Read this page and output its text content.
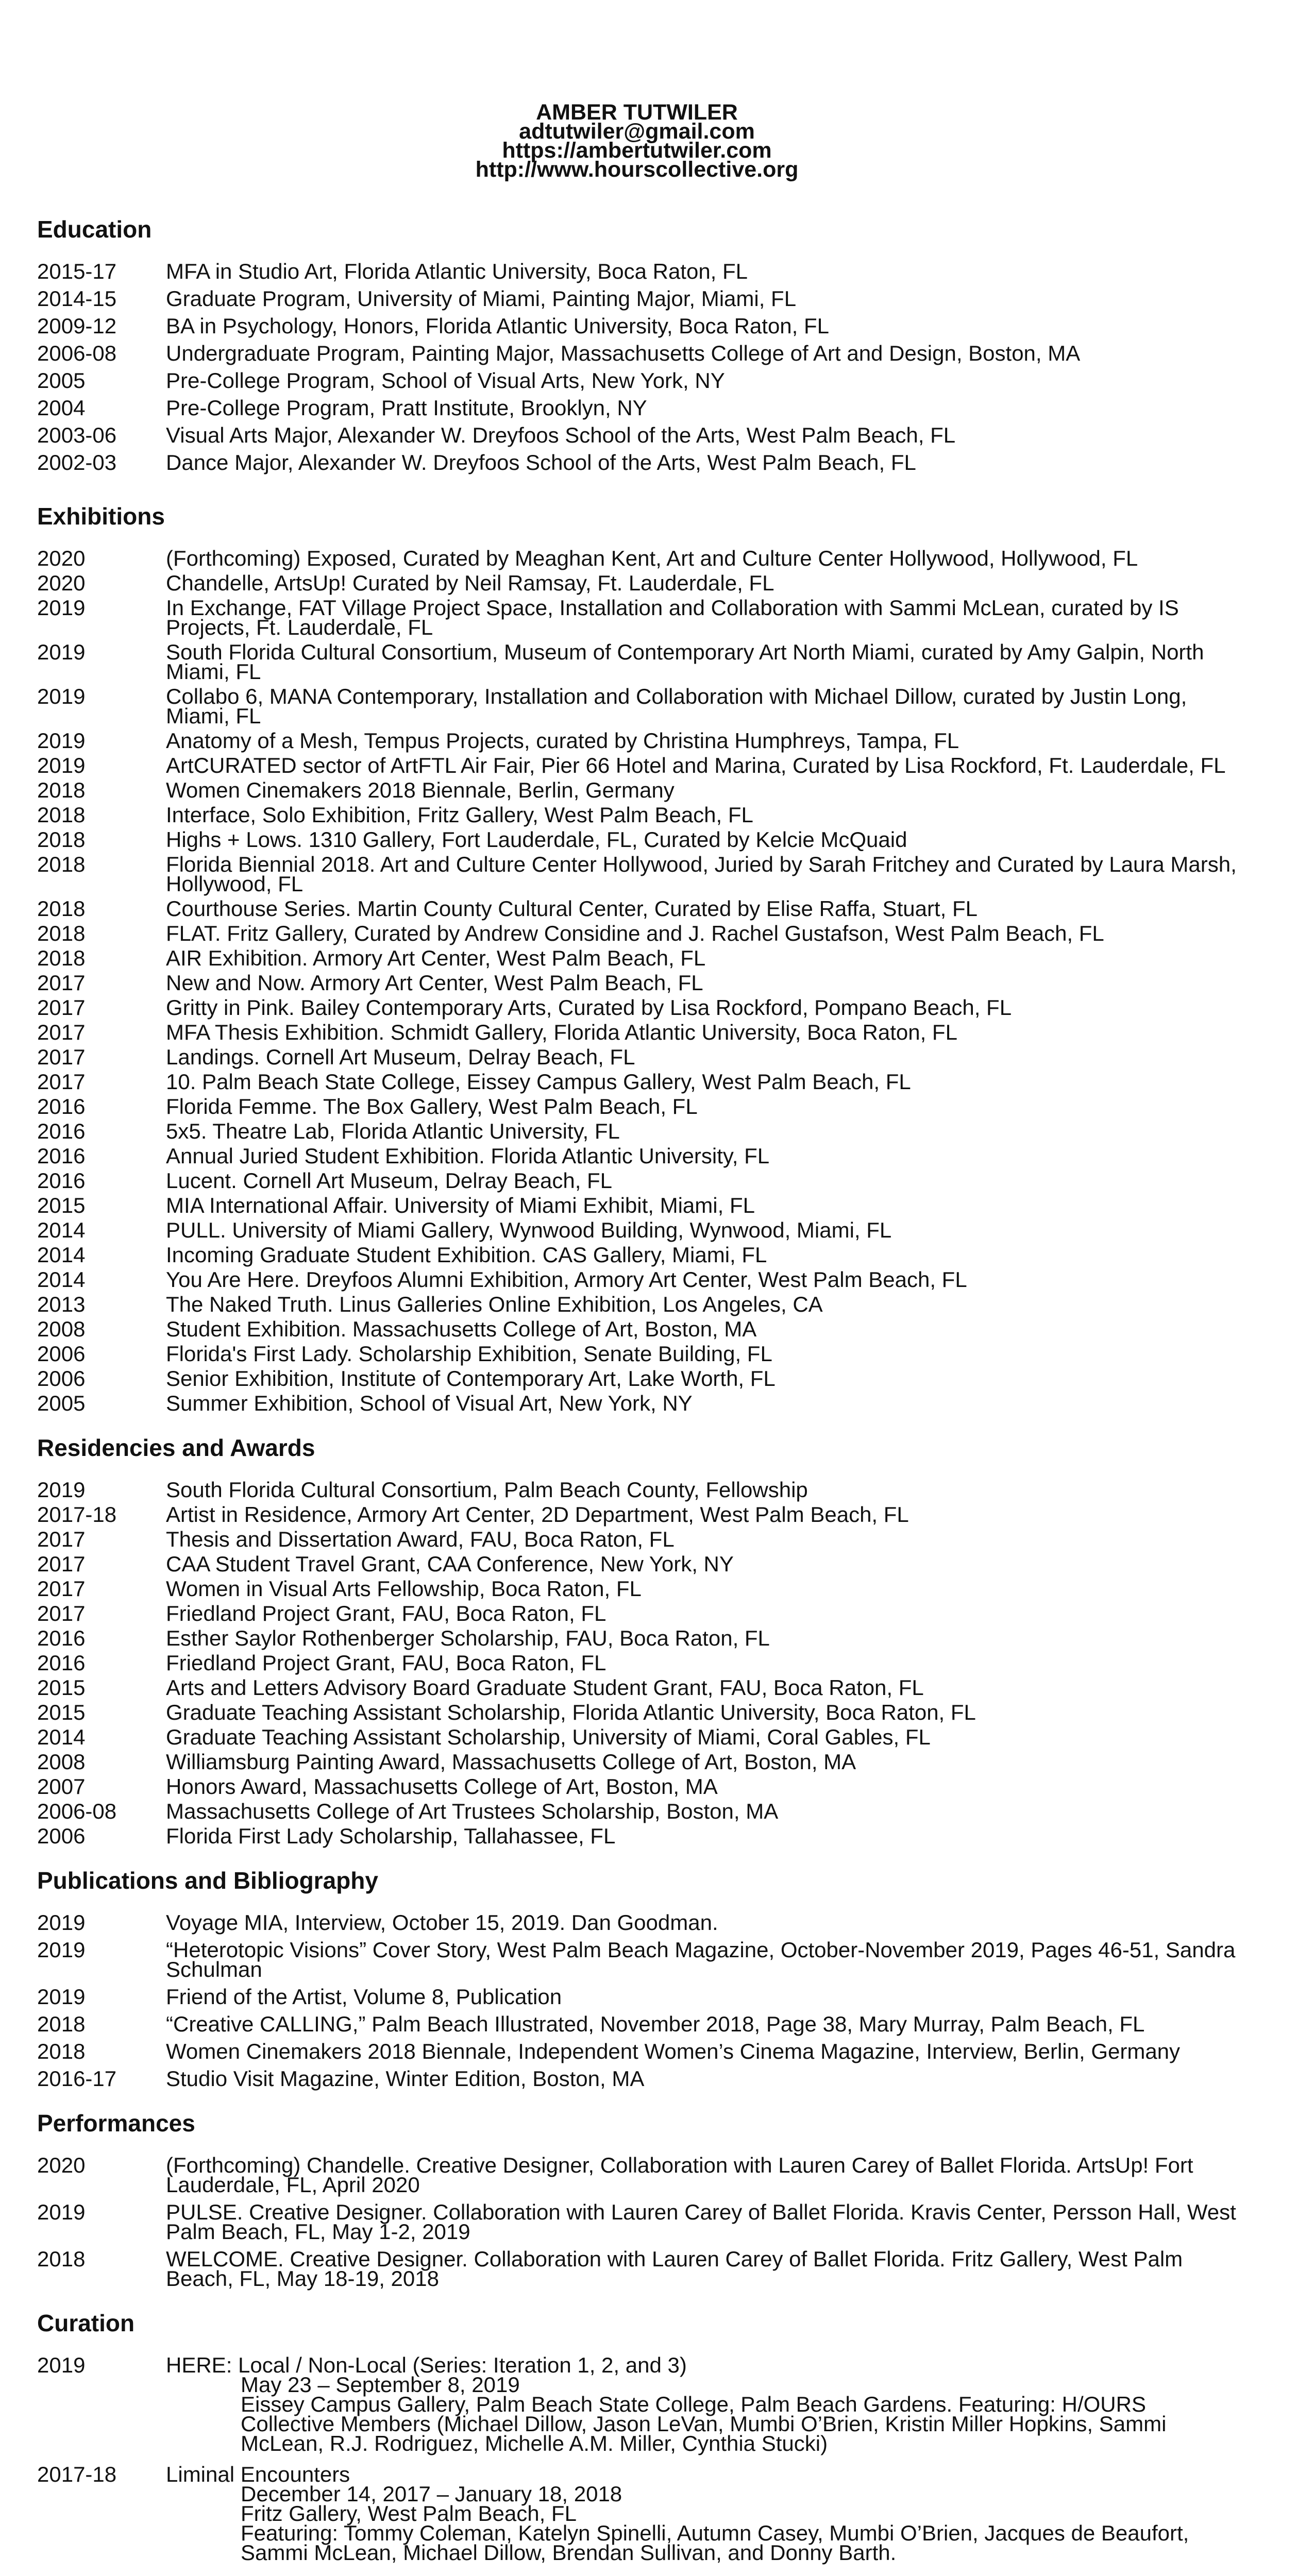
AMBER TUTWILER
adtutwiler@gmail.com
https://ambertutwiler.com
http://www.hourscollective.org
Education
2015-17	MFA in Studio Art, Florida Atlantic University, Boca Raton, FL
2014-15	Graduate Program, University of Miami, Painting Major, Miami, FL
2009-12	BA in Psychology, Honors, Florida Atlantic University, Boca Raton, FL
2006-08	Undergraduate Program, Painting Major, Massachusetts College of Art and Design, Boston, MA
2005	Pre-College Program, School of Visual Arts, New York, NY
2004	Pre-College Program, Pratt Institute, Brooklyn, NY
2003-06	Visual Arts Major, Alexander W. Dreyfoos School of the Arts, West Palm Beach, FL
2002-03	Dance Major, Alexander W. Dreyfoos School of the Arts, West Palm Beach, FL
Exhibitions
2020	(Forthcoming) Exposed, Curated by Meaghan Kent, Art and Culture Center Hollywood, Hollywood, FL
2020	Chandelle, ArtsUp! Curated by Neil Ramsay, Ft. Lauderdale, FL
2019	In Exchange, FAT Village Project Space, Installation and Collaboration with Sammi McLean, curated by IS Projects, Ft. Lauderdale, FL
2019	South Florida Cultural Consortium, Museum of Contemporary Art North Miami, curated by Amy Galpin, North Miami, FL
2019	Collabo 6, MANA Contemporary, Installation and Collaboration with Michael Dillow, curated by Justin Long, Miami, FL
2019	Anatomy of a Mesh, Tempus Projects, curated by Christina Humphreys, Tampa, FL
2019	ArtCURATED sector of ArtFTL Air Fair, Pier 66 Hotel and Marina, Curated by Lisa Rockford, Ft. Lauderdale, FL
2018	Women Cinemakers 2018 Biennale, Berlin, Germany
2018	Interface, Solo Exhibition, Fritz Gallery, West Palm Beach, FL
2018	Highs + Lows. 1310 Gallery, Fort Lauderdale, FL, Curated by Kelcie McQuaid
2018	Florida Biennial 2018. Art and Culture Center Hollywood, Juried by Sarah Fritchey and Curated by Laura Marsh, Hollywood, FL
2018	Courthouse Series. Martin County Cultural Center, Curated by Elise Raffa, Stuart, FL
2018	FLAT. Fritz Gallery, Curated by Andrew Considine and J. Rachel Gustafson, West Palm Beach, FL
2018	AIR Exhibition. Armory Art Center, West Palm Beach, FL
2017	New and Now. Armory Art Center, West Palm Beach, FL
2017	Gritty in Pink. Bailey Contemporary Arts, Curated by Lisa Rockford, Pompano Beach, FL
2017	MFA Thesis Exhibition. Schmidt Gallery, Florida Atlantic University, Boca Raton, FL
2017	Landings. Cornell Art Museum, Delray Beach, FL
2017	10. Palm Beach State College, Eissey Campus Gallery, West Palm Beach, FL
2016	Florida Femme. The Box Gallery, West Palm Beach, FL
2016	5x5. Theatre Lab, Florida Atlantic University, FL
2016	Annual Juried Student Exhibition. Florida Atlantic University, FL
2016	Lucent. Cornell Art Museum, Delray Beach, FL
2015	MIA International Affair. University of Miami Exhibit, Miami, FL
2014	PULL. University of Miami Gallery, Wynwood Building, Wynwood, Miami, FL
2014	Incoming Graduate Student Exhibition. CAS Gallery, Miami, FL
2014	You Are Here. Dreyfoos Alumni Exhibition, Armory Art Center, West Palm Beach, FL
2013	The Naked Truth. Linus Galleries Online Exhibition, Los Angeles, CA
2008	Student Exhibition. Massachusetts College of Art, Boston, MA
2006	Florida's First Lady. Scholarship Exhibition, Senate Building, FL
2006	Senior Exhibition, Institute of Contemporary Art, Lake Worth, FL
2005	Summer Exhibition, School of Visual Art, New York, NY
Residencies and Awards
2019	South Florida Cultural Consortium, Palm Beach County, Fellowship
2017-18	Artist in Residence, Armory Art Center, 2D Department, West Palm Beach, FL
2017	Thesis and Dissertation Award, FAU, Boca Raton, FL
2017	CAA Student Travel Grant, CAA Conference, New York, NY
2017	Women in Visual Arts Fellowship, Boca Raton, FL
2017	Friedland Project Grant, FAU, Boca Raton, FL
2016	Esther Saylor Rothenberger Scholarship, FAU, Boca Raton, FL
2016	Friedland Project Grant, FAU, Boca Raton, FL
2015	Arts and Letters Advisory Board Graduate Student Grant, FAU, Boca Raton, FL
2015	Graduate Teaching Assistant Scholarship, Florida Atlantic University, Boca Raton, FL
2014	Graduate Teaching Assistant Scholarship, University of Miami, Coral Gables, FL
2008	Williamsburg Painting Award, Massachusetts College of Art, Boston, MA
2007	Honors Award, Massachusetts College of Art, Boston, MA
2006-08	Massachusetts College of Art Trustees Scholarship, Boston, MA
2006	Florida First Lady Scholarship, Tallahassee, FL
Publications and Bibliography
2019	Voyage MIA, Interview, October 15, 2019. Dan Goodman.
2019	“Heterotopic Visions” Cover Story, West Palm Beach Magazine, October-November 2019, Pages 46-51, Sandra Schulman
2019	Friend of the Artist, Volume 8, Publication
2018	“Creative CALLING,” Palm Beach Illustrated, November 2018, Page 38, Mary Murray, Palm Beach, FL
2018	Women Cinemakers 2018 Biennale, Independent Women’s Cinema Magazine, Interview, Berlin, Germany
2016-17	Studio Visit Magazine, Winter Edition, Boston, MA
Performances
2020	(Forthcoming) Chandelle. Creative Designer, Collaboration with Lauren Carey of Ballet Florida. ArtsUp! Fort Lauderdale, FL, April 2020
2019	PULSE. Creative Designer. Collaboration with Lauren Carey of Ballet Florida. Kravis Center, Persson Hall, West Palm Beach, FL, May 1-2, 2019
2018	WELCOME. Creative Designer. Collaboration with Lauren Carey of Ballet Florida. Fritz Gallery, West Palm Beach, FL, May 18-19, 2018
Curation
2019	HERE: Local / Non-Local (Series: Iteration 1, 2, and 3)
May 23 – September 8, 2019
Eissey Campus Gallery, Palm Beach State College, Palm Beach Gardens. Featuring: H/OURS Collective Members (Michael Dillow, Jason LeVan, Mumbi O’Brien, Kristin Miller Hopkins, Sammi McLean, R.J. Rodriguez, Michelle A.M. Miller, Cynthia Stucki)
2017-18	Liminal Encounters
December 14, 2017 – January 18, 2018
Fritz Gallery, West Palm Beach, FL
Featuring: Tommy Coleman, Katelyn Spinelli, Autumn Casey, Mumbi O’Brien, Jacques de Beaufort, Sammi McLean, Michael Dillow, Brendan Sullivan, and Donny Barth.
